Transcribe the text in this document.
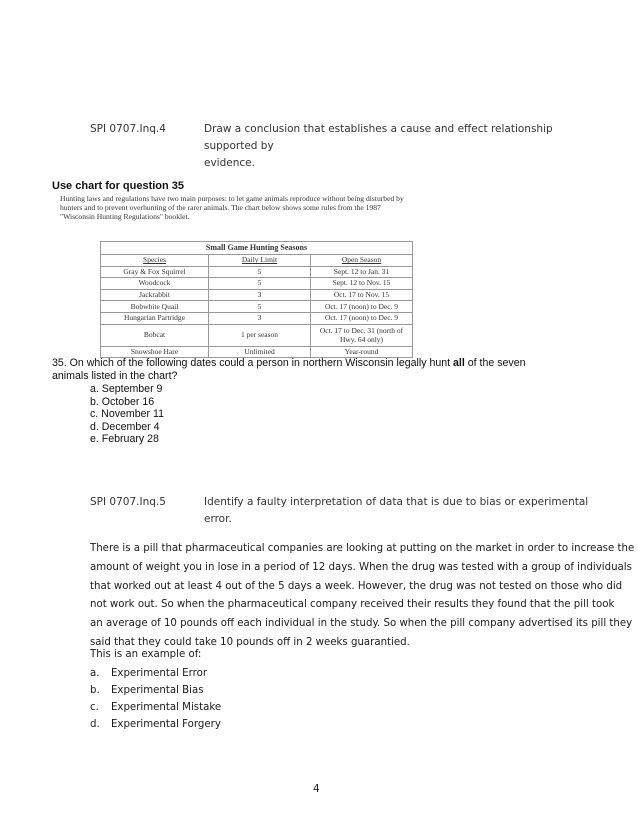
SPI 0707.Inq.4	Draw a conclusion that establishes a cause and effect relationship supported by
evidence.
Use chart for question 35
Hunting laws and regulations have two main purposes: to let game animals reproduce without being disturbed by
hunters and to prevent overhunting of the rarer animals. The chart below shows some rules from the 1987
"Wisconsin Hunting Regulations" booklet.
Small Game Hunting Seasons		
Species	Daily Limit	Open Season
Gray & Fox Squirrel	5	Sept. 12 to Jan. 31
Woodcock	5	Sept. 12 to Nov. 15
Jackrabbit	3	Oct. 17 to Nov. 15
Bobwhite Quail	5	Oct. 17 (noon) to Dec. 9
Hungarian Partridge	3	Oct. 17 (noon) to Dec. 9
Bobcat	1 per season	Oct. 17 to Dec. 31 (north of
Hwy. 64 only)

Snowshoe Hare	Unlimited	Year-round
35. On which of the following dates could a person in northern Wisconsin legally hunt all of the seven
animals listed in the chart?
a. September 9
b. October 16
c. November 11
d. December 4
e. February 28
SPI 0707.Inq.5	Identify a faulty interpretation of data that is due to bias or experimental error.
There is a pill that pharmaceutical companies are looking at putting on the market in order to increase the
amount of weight you in lose in a period of 12 days. When the drug was tested with a group of individuals
that worked out at least 4 out of the 5 days a week. However, the drug was not tested on those who did
not work out. So when the pharmaceutical company received their results they found that the pill took
an average of 10 pounds off each individual in the study. So when the pill company advertised its pill they
said that they could take 10 pounds off in 2 weeks guarantied.
This is an example of:
a.	Experimental Error
b.	Experimental Bias
c.	Experimental Mistake
d.	Experimental Forgery
4
